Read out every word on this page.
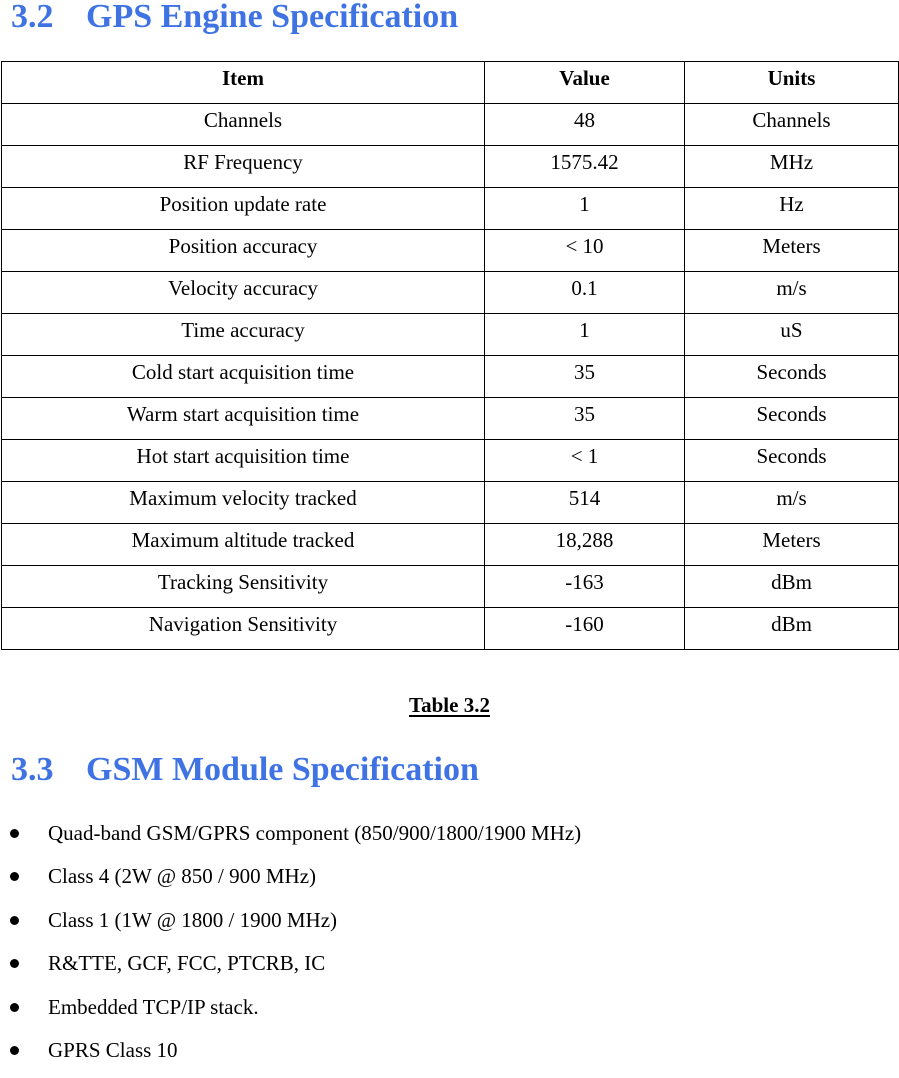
3.2 GPS Engine Specification
Item	Value	Units
Channels	48	Channels
RF Frequency	1575.42	MHz
Position update rate	1	Hz
Position accuracy	< 10	Meters
Velocity accuracy	0.1	m/s
Time accuracy	1	uS
Cold start acquisition time	35	Seconds
Warm start acquisition time	35	Seconds
Hot start acquisition time	< 1	Seconds
Maximum velocity tracked	514	m/s
Maximum altitude tracked	18,288	Meters
Tracking Sensitivity	-163	dBm
Navigation Sensitivity	-160	dBm
Table 3.2
3.3 GSM Module Specification
Quad-band GSM/GPRS component (850/900/1800/1900 MHz)
Class 4 (2W @ 850 / 900 MHz)
Class 1 (1W @ 1800 / 1900 MHz)
R&TTE, GCF, FCC, PTCRB, IC
Embedded TCP/IP stack.
GPRS Class 10
